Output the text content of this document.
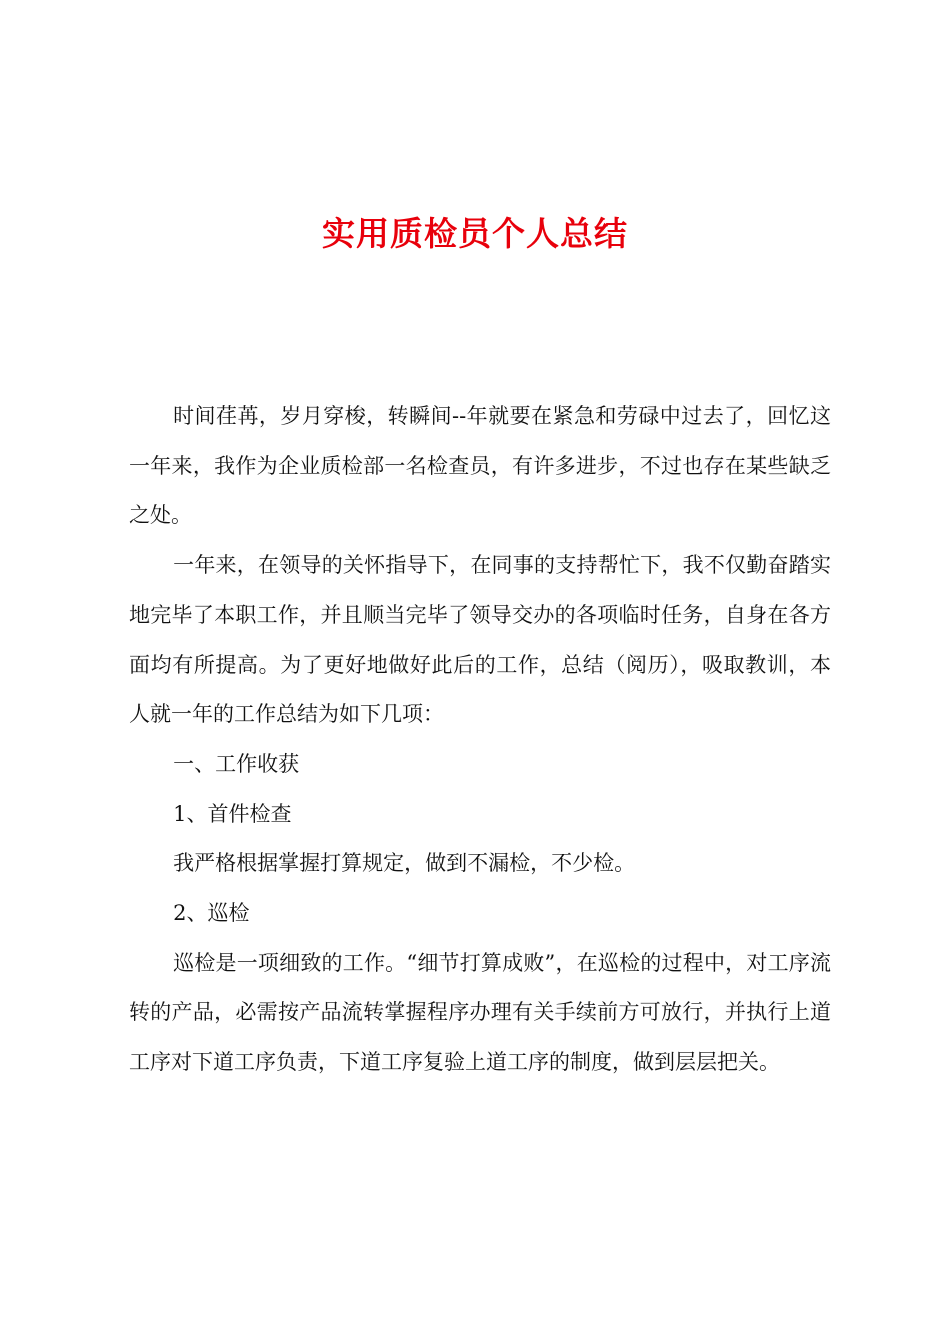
实用质检员个人总结

时间荏苒，岁月穿梭，转瞬间--年就要在紧急和劳碌中过去了，回忆这一年来，我作为企业质检部一名检查员，有许多进步，不过也存在某些缺乏之处。

一年来，在领导的关怀指导下，在同事的支持帮忙下，我不仅勤奋踏实地完毕了本职工作，并且顺当完毕了领导交办的各项临时任务，自身在各方面均有所提高。为了更好地做好此后的工作，总结（阅历），吸取教训，本人就一年的工作总结为如下几项：

一、工作收获

1、首件检查

我严格根据掌握打算规定，做到不漏检，不少检。

2、巡检

巡检是一项细致的工作。“细节打算成败”，在巡检的过程中，对工序流转的产品，必需按产品流转掌握程序办理有关手续前方可放行，并执行上道工序对下道工序负责，下道工序复验上道工序的制度，做到层层把关。
